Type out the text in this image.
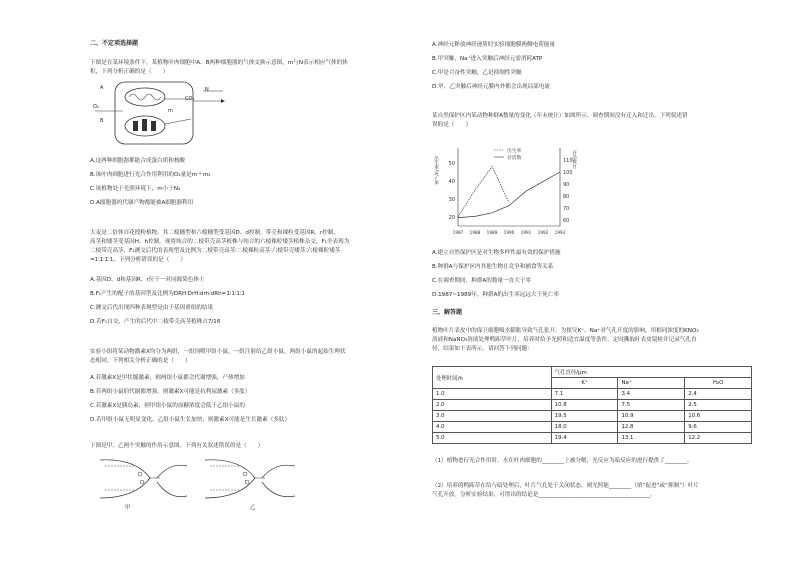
二、不定项选择题
下图是在某环境条件下，某植物叶肉细胞中A、B两种细胞器的气体交换示意图，m与N表示相应气体的体
积，下列分析正确的是（　　）
A
B
O₂
CO₂
N
m
A.这两种细胞器都能合成蛋白质和核酸
B.该叶肉细胞进行光合作用利用的O₂量是m＋m₂
C.该植物处于光照环境下，m小于N₂
D.A细胞器的代谢产物都能被A细胞器利用
大麦是二倍体自花授粉植物，其二棱穗型和六棱穗型受基因D、d控制，带壳和裸粒受基因R、r控制，
高茎和矮茎受基因H、h控制。现将纯合的二棱带壳高茎植株与纯合的六棱裸粒矮茎植株杂交，F₁全表现为
二棱带壳高茎，F₁测交后代的表现型及比例为二棱带壳高茎∶二棱裸粒高茎∶六棱带壳矮茎∶六棱裸粒矮茎
=1∶1∶1∶1，下列分析错误的是（　　）
A.基因D、d和基因R、r位于一对同源染色体上
B.F₁产生的配子的基因型及比例为DRH∶DrH∶drh∶dRh=1∶1∶1∶1
C.测交后代出现四种表现型是由于基因重组的结果
D.若F₁自交，产生的后代中二棱带壳高茎植株占7/16
实验小组将某动物激素X均分为两组，一组饲喂甲组小鼠，一组注射给乙组小鼠，两组小鼠的起始生理状
态相同。下列相关分析正确的是（　　）
A.若激素X是甲状腺激素，则两组小鼠都会代谢增强，产热增加
B.若两组小鼠的代谢都增强，则激素X可能是抗利尿激素（多肽）
C.若激素X是胰岛素，则甲组小鼠的血糖浓度会低于乙组小鼠的
D.若甲组小鼠无明显变化，乙组小鼠生长加快，则激素X可能是生长激素（多肽）
下图是甲、乙两个突触的作用示意图。下列有关叙述错误的是（　　）
甲	乙
A.神经元释放神经递质时实验细胞膜两侧电荷能量
B.甲突触，Na⁺进入突触后神经元需消耗ATP
C.甲是兴奋性突触，乙是抑制性突触
D.甲、乙突触后神经元膜内外都会出现局部电流
某自然保护区内某动物种群A数量的变化（年末统计）如图所示，调查期间没有迁入和迁出。下列叙述错
误的是（　　）
20
30
40
50
60
70
80
90
100
110
1987 1988 1989 1990 1991 1992 1993
出生率/死亡率	存活数目
出生率
存活数
A.建立自然保护区是对生物多样性最有效的保护措施
B.种群A与保护区内其他生物在竞争和捕食等关系
C.在调查期间，种群A的数量一直大于零
D.1987~1989年，种群A的出生率远远大于死亡率
三、解答题
植物叶片表皮中的保卫细胞吸水膨胀导致气孔张开。为探究K⁺、Na⁺对气孔开度的影响，用相同浓度的KNO₃
溶液和NaNO₃溶液处理鸭跖草叶片，培养时给予光照和适宜温度等条件，定时撕取叶表皮镜检并记录气孔直
径，结果如下表所示。请回答下列问题：
处理时间/h	气孔直径/μm		
	K⁺	Na⁺	H₂O
1.0	7.1	3.4	2.4
2.0	10.8	7.5	2.5
3.0	19.5	10.9	10.6
4.0	18.0	12.8	9.6
5.0	19.4	13.1	12.2
（1）植物进行光合作用时，水在叶肉细胞的________上被分解，光反应为暗反应的进行提供了________。
（2）培养的鸭跖草在给与暗处理后，叶片气孔处于关闭状态，则光照能________（填“促进”或“抑制”）叶片
气孔开放。分析实验结果，可得出的结论是________________________________________。
